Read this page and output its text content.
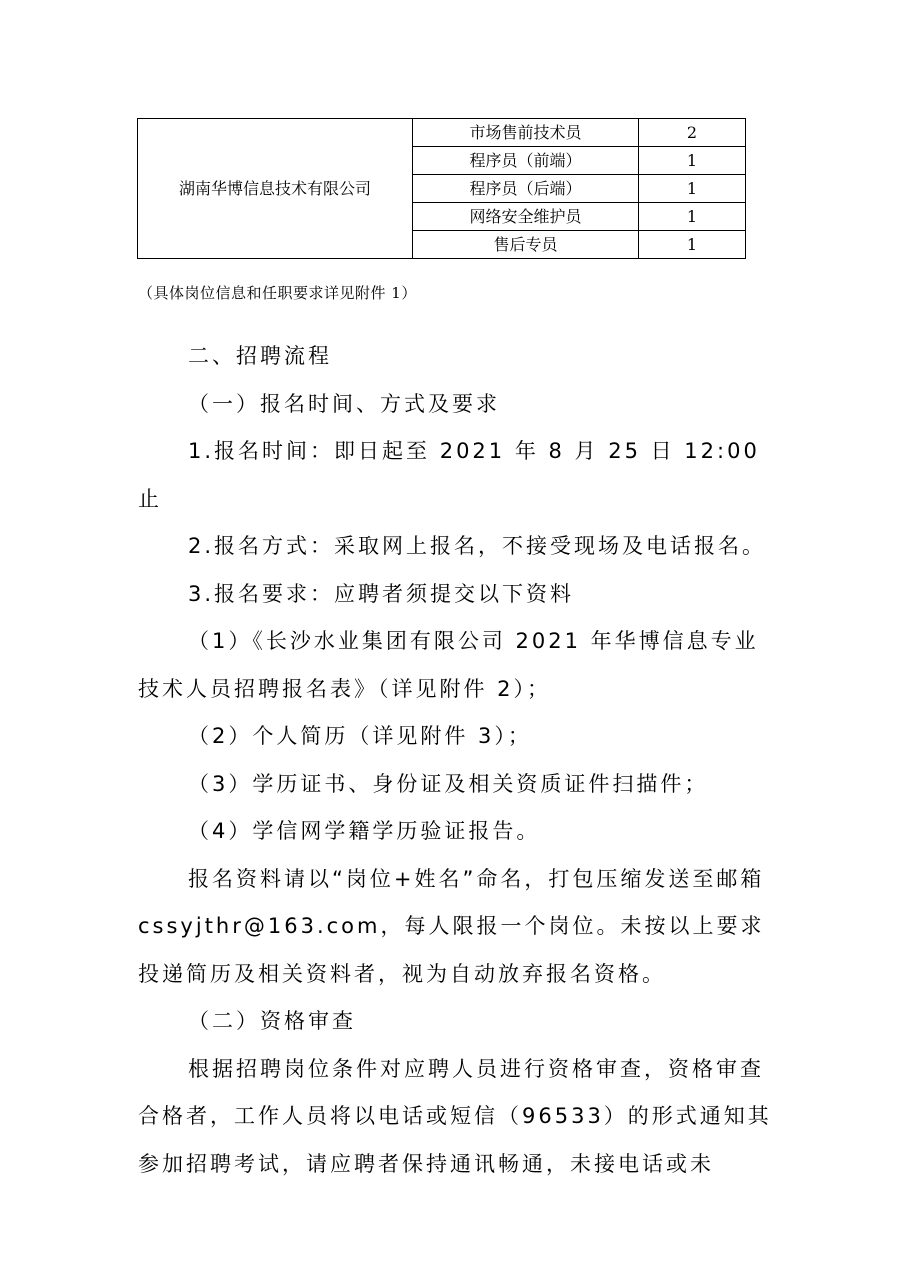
湖南华博信息技术有限公司	市场售前技术员	2
	程序员（前端）	1
	程序员（后端）	1
	网络安全维护员	1
	售后专员	1
（具体岗位信息和任职要求详见附件 1）

二、招聘流程

（一）报名时间、方式及要求

1.报名时间：即日起至 2021 年 8 月 25 日 12:00 止

2.报名方式：采取网上报名，不接受现场及电话报名。

3.报名要求：应聘者须提交以下资料

（1）《长沙水业集团有限公司 2021 年华博信息专业技术人员招聘报名表》（详见附件 2）；

（2）个人简历（详见附件 3）；

（3）学历证书、身份证及相关资质证件扫描件；

（4）学信网学籍学历验证报告。

报名资料请以“岗位+姓名”命名，打包压缩发送至邮箱 cssyjthr@163.com，每人限报一个岗位。未按以上要求投递简历及相关资料者，视为自动放弃报名资格。

（二）资格审查

根据招聘岗位条件对应聘人员进行资格审查，资格审查合格者，工作人员将以电话或短信（96533）的形式通知其参加招聘考试，请应聘者保持通讯畅通，未接电话或未
